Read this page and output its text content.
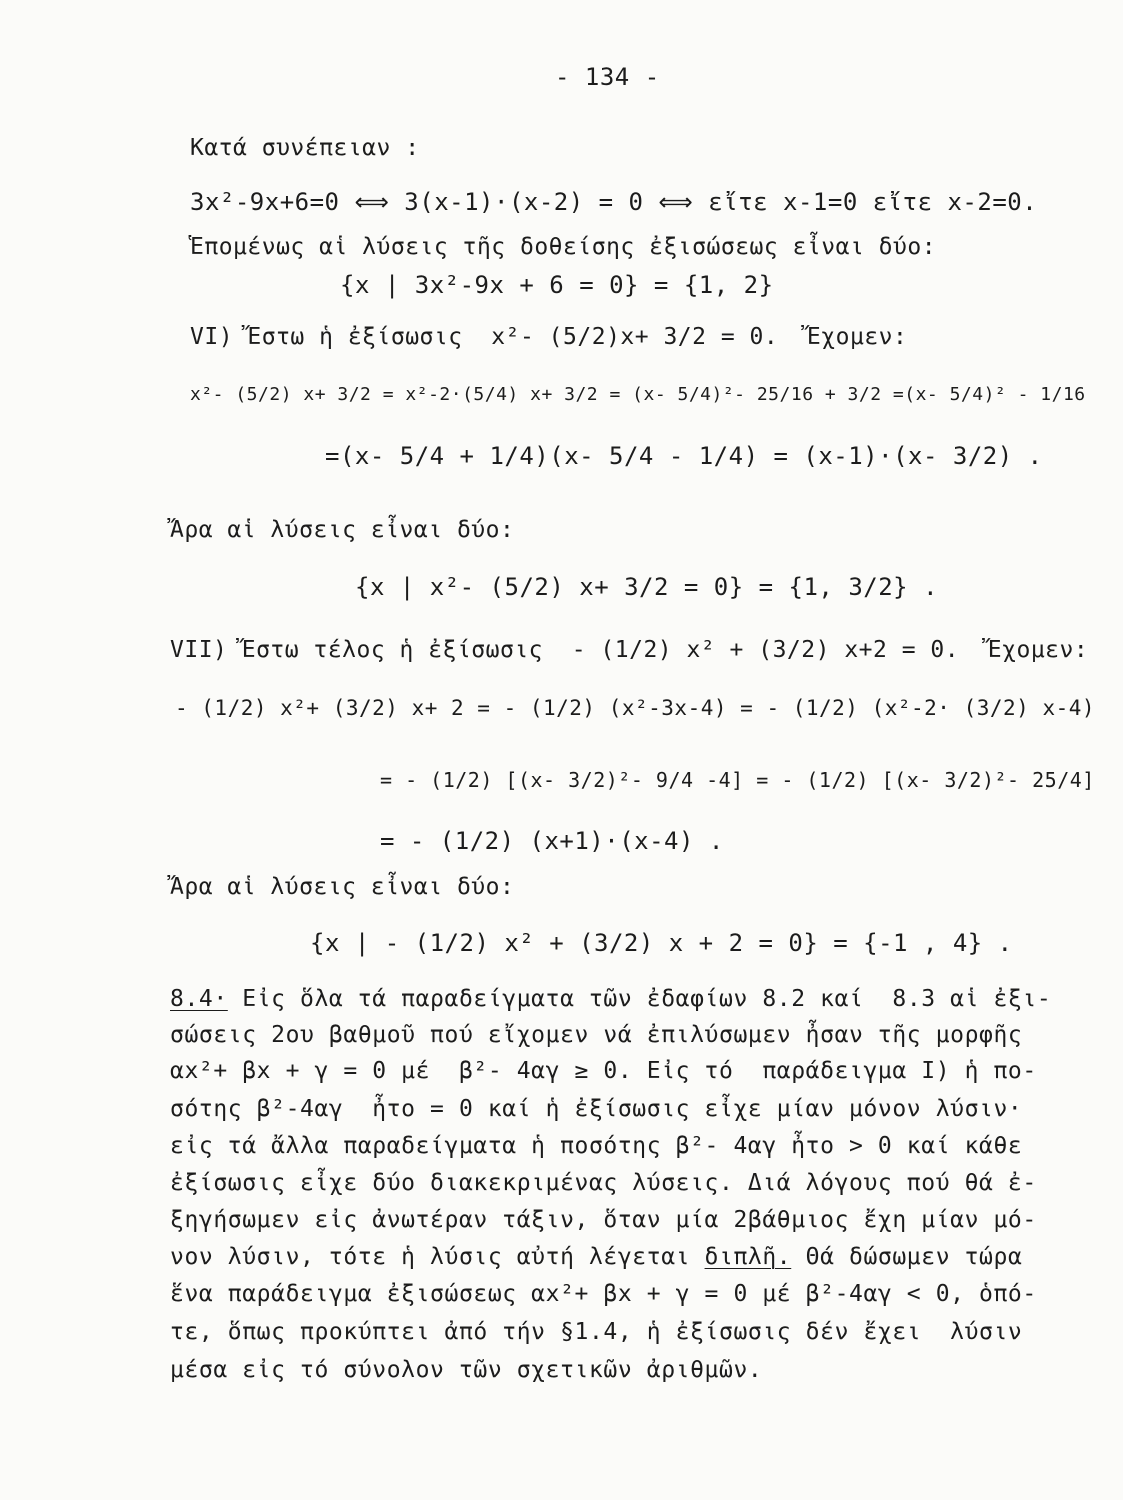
- 134 -
Κατά συνέπειαν :
3x²-9x+6=0 ⟺ 3(x-1)·(x-2) = 0 ⟺ εἴτε x-1=0 εἴτε x-2=0.
Ἑπομένως αἱ λύσεις τῆς δοθείσης ἐξισώσεως εἶναι δύο:
{x | 3x²-9x + 6 = 0} = {1, 2}
VI) Ἔστω ἡ ἐξίσωσις  x²- (5/2)x+ 3/2 = 0.  Ἔχομεν:
x²- (5/2) x+ 3/2 = x²-2·(5/4) x+ 3/2 = (x- 5/4)²- 25/16 + 3/2 =(x- 5/4)² - 1/16
=(x- 5/4 + 1/4)(x- 5/4 - 1/4) = (x-1)·(x- 3/2) .
Ἄρα αἱ λύσεις εἶναι δύο:
{x | x²- (5/2) x+ 3/2 = 0} = {1, 3/2} .
VII) Ἔστω τέλος ἡ ἐξίσωσις  - (1/2) x² + (3/2) x+2 = 0.  Ἔχομεν:
- (1/2) x²+ (3/2) x+ 2 = - (1/2) (x²-3x-4) = - (1/2) (x²-2· (3/2) x-4)
= - (1/2) [(x- 3/2)²- 9/4 -4] = - (1/2) [(x- 3/2)²- 25/4]
= - (1/2) (x+1)·(x-4) .
Ἄρα αἱ λύσεις εἶναι δύο:
{x | - (1/2) x² + (3/2) x + 2 = 0} = {-1 , 4} .
8.4· Εἰς ὅλα τά παραδείγματα τῶν ἐδαφίων 8.2 καί  8.3 αἱ ἐξι-
σώσεις 2ου βαθμοῦ πού εἴχομεν νά ἐπιλύσωμεν ἦσαν τῆς μορφῆς
αx²+ βx + γ = 0 μέ  β²- 4αγ ≥ 0. Εἰς τό  παράδειγμα I) ἡ πο-
σότης β²-4αγ  ἦτο = 0 καί ἡ ἐξίσωσις εἶχε μίαν μόνον λύσιν·
εἰς τά ἄλλα παραδείγματα ἡ ποσότης β²- 4αγ ἦτο > 0 καί κάθε
ἐξίσωσις εἶχε δύο διακεκριμένας λύσεις. Διά λόγους πού θά ἐ-
ξηγήσωμεν εἰς ἀνωτέραν τάξιν, ὅταν μία 2βάθμιος ἔχη μίαν μό-
νον λύσιν, τότε ἡ λύσις αὐτή λέγεται διπλῆ. Θά δώσωμεν τώρα
ἕνα παράδειγμα ἐξισώσεως αx²+ βx + γ = 0 μέ β²-4αγ < 0, ὁπό-
τε, ὅπως προκύπτει ἀπό τήν §1.4, ἡ ἐξίσωσις δέν ἔχει  λύσιν
μέσα εἰς τό σύνολον τῶν σχετικῶν ἀριθμῶν.
